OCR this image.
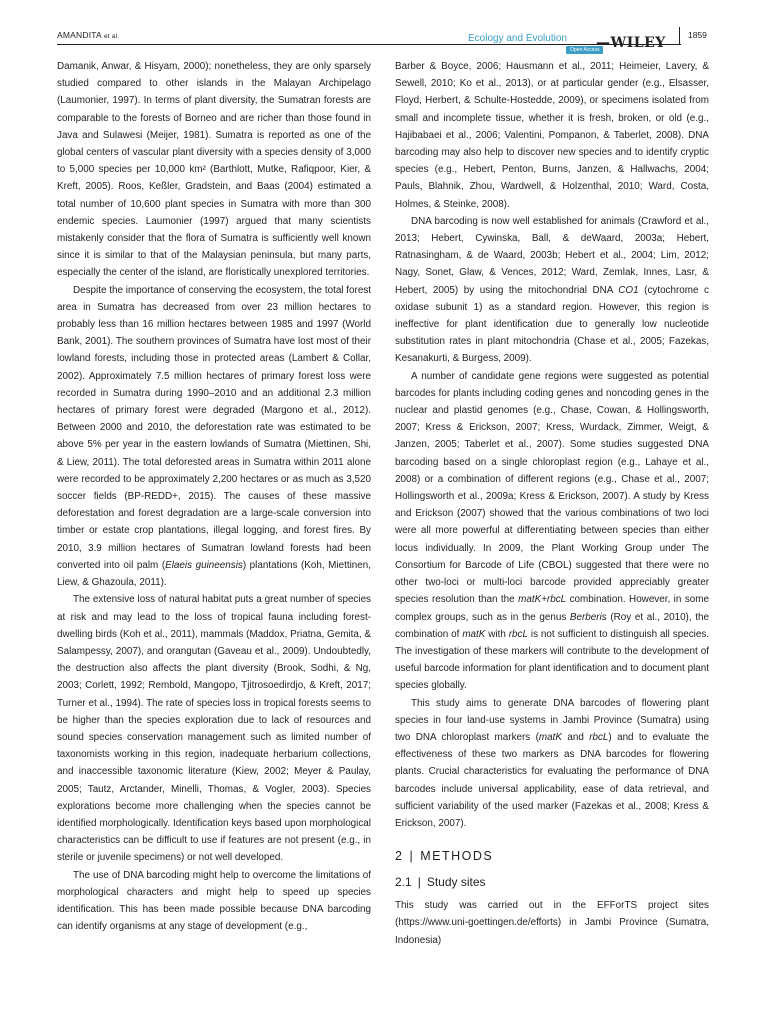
AMANDITA et al.	Ecology and Evolution
Open Access
—WILEY	1859

Damanik, Anwar, & Hisyam, 2000); nonetheless, they are only sparsely studied compared to other islands in the Malayan Archipelago (Laumonier, 1997). In terms of plant diversity, the Sumatran forests are comparable to the forests of Borneo and are richer than those found in Java and Sulawesi (Meijer, 1981). Sumatra is reported as one of the global centers of vascular plant diversity with a species density of 3,000 to 5,000 species per 10,000 km² (Barthlott, Mutke, Rafiqpoor, Kier, & Kreft, 2005). Roos, Keßler, Gradstein, and Baas (2004) estimated a total number of 10,600 plant species in Sumatra with more than 300 endemic species. Laumonier (1997) argued that many scientists mistakenly consider that the flora of Sumatra is sufficiently well known since it is similar to that of the Malaysian peninsula, but many parts, especially the center of the island, are floristically unexplored territories.

Despite the importance of conserving the ecosystem, the total forest area in Sumatra has decreased from over 23 million hectares to probably less than 16 million hectares between 1985 and 1997 (World Bank, 2001). The southern provinces of Sumatra have lost most of their lowland forests, including those in protected areas (Lambert & Collar, 2002). Approximately 7.5 million hectares of primary forest loss were recorded in Sumatra during 1990–2010 and an additional 2.3 million hectares of primary forest were degraded (Margono et al., 2012). Between 2000 and 2010, the deforestation rate was estimated to be above 5% per year in the eastern lowlands of Sumatra (Miettinen, Shi, & Liew, 2011). The total deforested areas in Sumatra within 2011 alone were recorded to be approximately 2,200 hectares or as much as 3,520 soccer fields (BP-REDD+, 2015). The causes of these massive deforestation and forest degradation are a large-scale conversion into timber or estate crop plantations, illegal logging, and forest fires. By 2010, 3.9 million hectares of Sumatran lowland forests had been converted into oil palm (Elaeis guineensis) plantations (Koh, Miettinen, Liew, & Ghazoula, 2011).

The extensive loss of natural habitat puts a great number of species at risk and may lead to the loss of tropical fauna including forest-dwelling birds (Koh et al., 2011), mammals (Maddox, Priatna, Gemita, & Salampessy, 2007), and orangutan (Gaveau et al., 2009). Undoubtedly, the destruction also affects the plant diversity (Brook, Sodhi, & Ng, 2003; Corlett, 1992; Rembold, Mangopo, Tjitrosoedirdjo, & Kreft, 2017; Turner et al., 1994). The rate of species loss in tropical forests seems to be higher than the species exploration due to lack of resources and sound species conservation management such as limited number of taxonomists working in this region, inadequate herbarium collections, and inaccessible taxonomic literature (Kiew, 2002; Meyer & Paulay, 2005; Tautz, Arctander, Minelli, Thomas, & Vogler, 2003). Species explorations become more challenging when the species cannot be identified morphologically. Identification keys based upon morphological characteristics can be difficult to use if features are not present (e.g., in sterile or juvenile specimens) or not well developed.

The use of DNA barcoding might help to overcome the limitations of morphological characters and might help to speed up species identification. This has been made possible because DNA barcoding can identify organisms at any stage of development (e.g.,

Barber & Boyce, 2006; Hausmann et al., 2011; Heimeier, Lavery, & Sewell, 2010; Ko et al., 2013), or at particular gender (e.g., Elsasser, Floyd, Herbert, & Schulte-Hostedde, 2009), or specimens isolated from small and incomplete tissue, whether it is fresh, broken, or old (e.g., Hajibabaei et al., 2006; Valentini, Pompanon, & Taberlet, 2008). DNA barcoding may also help to discover new species and to identify cryptic species (e.g., Hebert, Penton, Burns, Janzen, & Hallwachs, 2004; Pauls, Blahnik, Zhou, Wardwell, & Holzenthal, 2010; Ward, Costa, Holmes, & Steinke, 2008).

DNA barcoding is now well established for animals (Crawford et al., 2013; Hebert, Cywinska, Ball, & deWaard, 2003a; Hebert, Ratnasingham, & de Waard, 2003b; Hebert et al., 2004; Lim, 2012; Nagy, Sonet, Glaw, & Vences, 2012; Ward, Zemlak, Innes, Lasr, & Hebert, 2005) by using the mitochondrial DNA CO1 (cytochrome c oxidase subunit 1) as a standard region. However, this region is ineffective for plant identification due to generally low nucleotide substitution rates in plant mitochondria (Chase et al., 2005; Fazekas, Kesanakurti, & Burgess, 2009).

A number of candidate gene regions were suggested as potential barcodes for plants including coding genes and noncoding genes in the nuclear and plastid genomes (e.g., Chase, Cowan, & Hollingsworth, 2007; Kress & Erickson, 2007; Kress, Wurdack, Zimmer, Weigt, & Janzen, 2005; Taberlet et al., 2007). Some studies suggested DNA barcoding based on a single chloroplast region (e.g., Lahaye et al., 2008) or a combination of different regions (e.g., Chase et al., 2007; Hollingsworth et al., 2009a; Kress & Erickson, 2007). A study by Kress and Erickson (2007) showed that the various combinations of two loci were all more powerful at differentiating between species than either locus individually. In 2009, the Plant Working Group under The Consortium for Barcode of Life (CBOL) suggested that there were no other two-loci or multi-loci barcode provided appreciably greater species resolution than the matK+rbcL combination. However, in some complex groups, such as in the genus Berberis (Roy et al., 2010), the combination of matK with rbcL is not sufficient to distinguish all species. The investigation of these markers will contribute to the development of useful barcode information for plant identification and to document plant species globally.

This study aims to generate DNA barcodes of flowering plant species in four land-use systems in Jambi Province (Sumatra) using two DNA chloroplast markers (matK and rbcL) and to evaluate the effectiveness of these two markers as DNA barcodes for flowering plants. Crucial characteristics for evaluating the performance of DNA barcodes include universal applicability, ease of data retrieval, and sufficient variability of the used marker (Fazekas et al., 2008; Kress & Erickson, 2007).

2 | METHODS
2.1 | Study sites

This study was carried out in the EFForTS project sites (https://www.uni-goettingen.de/efforts) in Jambi Province (Sumatra, Indonesia)
